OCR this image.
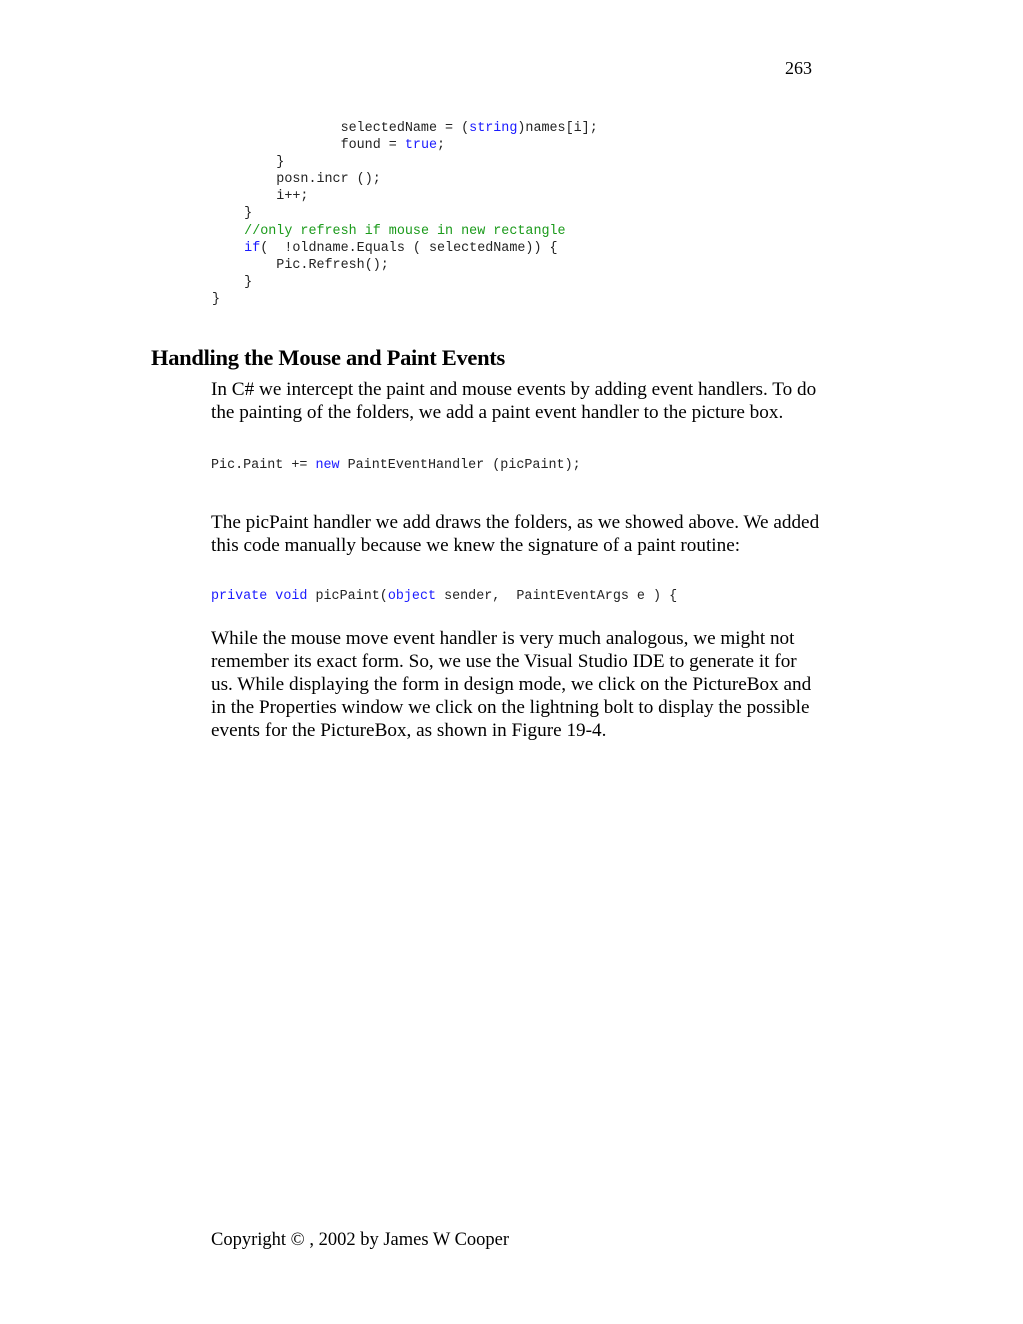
263
selectedName = (string)names[i];
found = true;
}
posn.incr ();
i++;
}
//only refresh if mouse in new rectangle
if(  !oldname.Equals ( selectedName)) {
Pic.Refresh();
}
}
Handling the Mouse and Paint Events
In C# we intercept the paint and mouse events by adding event handlers. To do the painting of the folders, we add a paint event handler to the picture box.
Pic.Paint += new PaintEventHandler (picPaint);
The picPaint handler we add draws the folders, as we showed above. We added this code manually because we knew the signature of a paint routine:
private void picPaint(object sender,  PaintEventArgs e ) {
While the mouse move event handler is very much analogous, we might not remember its exact form. So, we use the Visual Studio IDE to generate it for us. While displaying the form in design mode, we click on the PictureBox and in the Properties window we click on the lightning bolt to display the possible events for the PictureBox, as shown in Figure 19-4.
Copyright © , 2002 by James W Cooper
